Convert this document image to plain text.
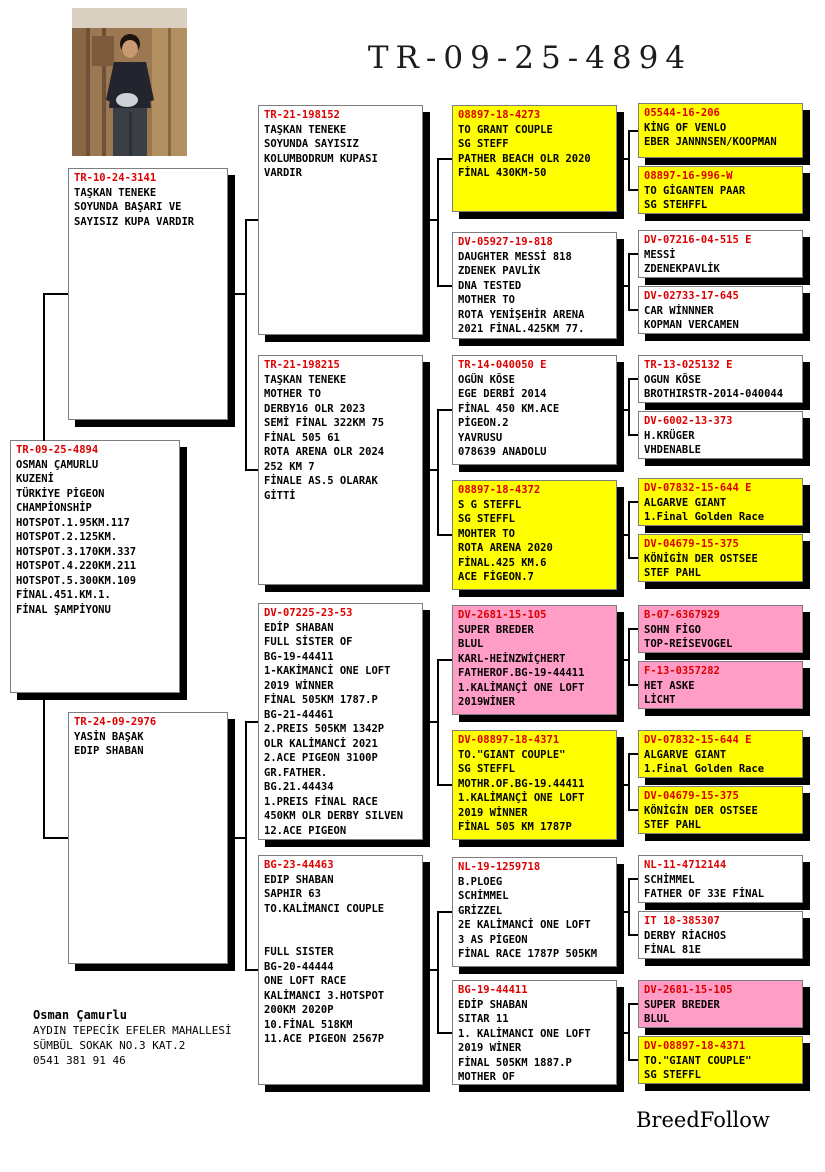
TR-09-25-4894
TR-10-24-3141
TAŞKAN TENEKE
SOYUNDA BAŞARI VE
SAYISIZ KUPA VARDIR
TR-09-25-4894
OSMAN ÇAMURLU
KUZENİ
TÜRKİYE PİGEON
CHAMPİONSHİP
HOTSPOT.1.95KM.117
HOTSPOT.2.125KM.
HOTSPOT.3.170KM.337
HOTSPOT.4.220KM.211
HOTSPOT.5.300KM.109
FİNAL.451.KM.1.
FİNAL ŞAMPİYONU
TR-24-09-2976
YASİN BAŞAK
EDIP SHABAN
TR-21-198152
TAŞKAN TENEKE
SOYUNDA SAYISIZ
KOLUMBODRUM KUPASI
VARDIR
TR-21-198215
TAŞKAN TENEKE
MOTHER TO
DERBY16 OLR 2023
SEMİ FİNAL 322KM 75
FİNAL 505 61
ROTA ARENA OLR 2024
252 KM 7
FİNALE AS.5 OLARAK
GİTTİ
DV-07225-23-53
EDİP SHABAN
FULL SİSTER OF
BG-19-44411
1-KAKİMANCİ ONE LOFT
2019 WİNNER
FİNAL 505KM 1787.P
BG-21-44461
2.PREIS 505KM 1342P
OLR KALİMANCİ 2021
2.ACE PIGEON 3100P
GR.FATHER.
BG.21.44434
1.PREIS FİNAL RACE
450KM OLR DERBY SILVEN
12.ACE PIGEON
BG-23-44463
EDIP SHABAN
SAPHIR 63
TO.KALİMANCI COUPLE

FULL SISTER
BG-20-44444
ONE LOFT RACE
KALİMANCI 3.HOTSPOT
200KM 2020P
10.FİNAL 518KM
11.ACE PIGEON 2567P
08897-18-4273
TO GRANT COUPLE
SG STEFF
PATHER BEACH OLR 2020
FİNAL 430KM-50
DV-05927-19-818
DAUGHTER MESSİ 818
ZDENEK PAVLİK
DNA TESTED
MOTHER TO
ROTA YENİŞEHİR ARENA
2021 FİNAL.425KM 77.
TR-14-040050 E
OGÜN KÖSE
EGE DERBİ 2014
FİNAL 450 KM.ACE
PİGEON.2
YAVRUSU
078639 ANADOLU
08897-18-4372
S G STEFFL
SG STEFFL
MOHTER TO
ROTA ARENA 2020
FİNAL.425 KM.6
ACE FİGEON.7
DV-2681-15-105
SUPER BREDER
BLUL
KARL-HEİNZWİÇHERT
FATHEROF.BG-19-44411
1.KALİMANÇİ ONE LOFT
2019WİNER
DV-08897-18-4371
TO."GIANT COUPLE"
SG STEFFL
MOTHR.OF.BG-19.44411
1.KALİMANÇİ ONE LOFT
2019 WİNNER
FİNAL 505 KM 1787P
NL-19-1259718
B.PLOEG
SCHİMMEL
GRİZZEL
2E KALİMANCİ ONE LOFT
3 AS PİGEON
FİNAL RACE 1787P 505KM
BG-19-44411
EDİP SHABAN
SITAR 11
1. KALİMANCI ONE LOFT
2019 WİNER
FİNAL 505KM 1887.P
MOTHER OF
05544-16-206
KİNG OF VENLO
EBER JANNNSEN/KOOPMAN
08897-16-996-W
TO GİGANTEN PAAR
SG STEHFFL
DV-07216-04-515 E
MESSİ
ZDENEKPAVLİK
DV-02733-17-645
CAR WİNNNER
KOPMAN VERCAMEN
TR-13-025132 E
OGUN KÖSE
BROTHIRSTR-2014-040044
DV-6002-13-373
H.KRÜGER
VHDENABLE
DV-07832-15-644 E
ALGARVE GIANT
1.Final Golden Race
DV-04679-15-375
KÖNİGİN DER OSTSEE
STEF PAHL
B-07-6367929
SOHN FİGO
TOP-REİSEVOGEL
F-13-0357282
HET ASKE
LİCHT
DV-07832-15-644 E
ALGARVE GIANT
1.Final Golden Race
DV-04679-15-375
KÖNİGİN DER OSTSEE
STEF PAHL
NL-11-4712144
SCHİMMEL
FATHER OF 33E FİNAL
IT 18-385307
DERBY RİACHOS
FİNAL 81E
DV-2681-15-105
SUPER BREDER
BLUL
DV-08897-18-4371
TO."GIANT COUPLE"
SG STEFFL
Osman Çamurlu
AYDIN TEPECİK EFELER MAHALLESİ
SÜMBÜL SOKAK NO.3 KAT.2
0541 381 91 46
BreedFollow
